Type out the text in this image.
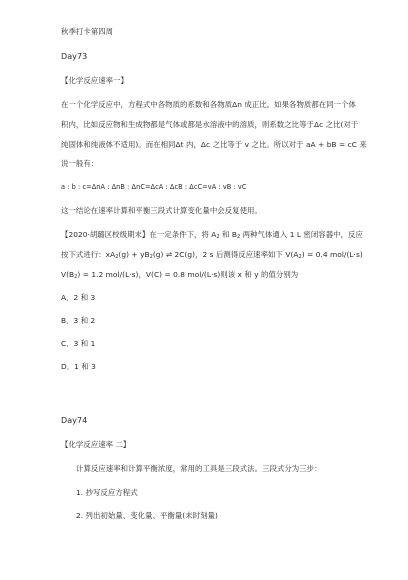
秋季打卡第四周
Day73
【化学反应速率一】
在一个化学反应中，方程式中各物质的系数和各物质Δn 成正比。如果各物质都在同一个体
积内，比如反应物和生成物都是气体或都是水溶液中的溶质，则系数之比等于Δc 之比(对于
纯固体和纯液体不适用)。而在相同Δt 内，Δc 之比等于 v 之比。所以对于 aA + bB = cC 来
说一般有：
a : b : c=ΔnA : ΔnB : ΔnC=ΔcA : ΔcB : ΔcC=vA : vB : vC
这一结论在速率计算和平衡三段式计算变化量中会反复使用。
【2020·胡璐区校级期末】在一定条件下，将 $A_2$ 和 $B_2$ 两种气体通入 1 L 密闭容器中，反应
按下式进行：$xA_2(g) + yB_2(g)$ ⇌ 2C(g)，2 s 后测得反应速率如下 $V(A_2) = 0.4$ mol/(L·s)
$V(B_2) = 1.2$ mol/(L·s)，V(C) = 0.8 mol/(L·s)则该 x 和 y 的值分别为
A．2 和 3
B．3 和 2
C．3 和 1
D．1 和 3
Day74
【化学反应速率 二】
计算反应速率和计算平衡浓度，常用的工具是三段式法。三段式分为三步：
1. 抄写反应方程式
2. 列出初始量、变化量、平衡量(末时刻量)
